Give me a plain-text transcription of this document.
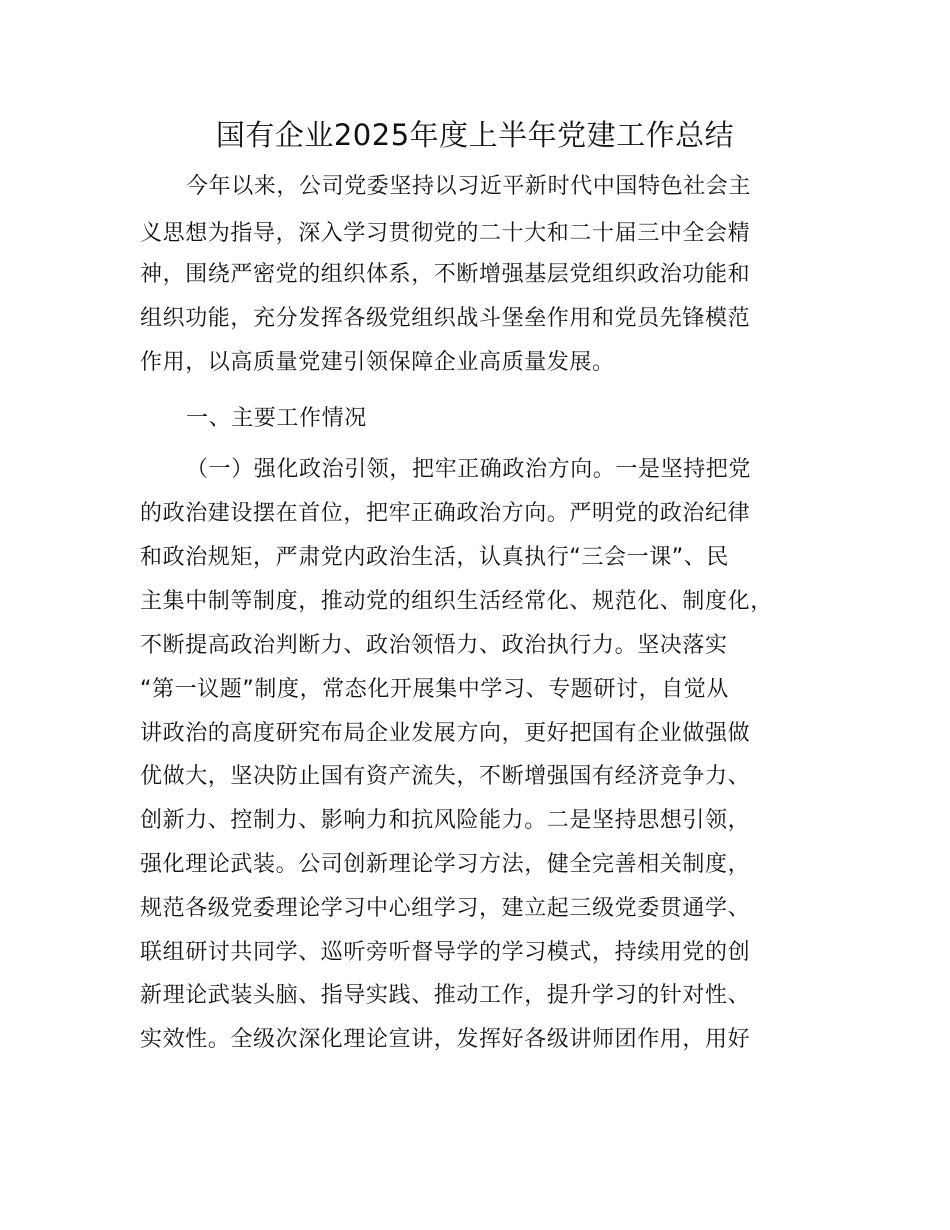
国有企业2025年度上半年党建工作总结

今年以来，公司党委坚持以习近平新时代中国特色社会主

义思想为指导，深入学习贯彻党的二十大和二十届三中全会精

神，围绕严密党的组织体系，不断增强基层党组织政治功能和

组织功能，充分发挥各级党组织战斗堡垒作用和党员先锋模范

作用，以高质量党建引领保障企业高质量发展。

一、主要工作情况

（一）强化政治引领，把牢正确政治方向。一是坚持把党

的政治建设摆在首位，把牢正确政治方向。严明党的政治纪律

和政治规矩，严肃党内政治生活，认真执行“三会一课”、民

主集中制等制度，推动党的组织生活经常化、规范化、制度化，

不断提高政治判断力、政治领悟力、政治执行力。坚决落实

“第一议题”制度，常态化开展集中学习、专题研讨，自觉从

讲政治的高度研究布局企业发展方向，更好把国有企业做强做

优做大，坚决防止国有资产流失，不断增强国有经济竞争力、

创新力、控制力、影响力和抗风险能力。二是坚持思想引领，

强化理论武装。公司创新理论学习方法，健全完善相关制度，

规范各级党委理论学习中心组学习，建立起三级党委贯通学、

联组研讨共同学、巡听旁听督导学的学习模式，持续用党的创

新理论武装头脑、指导实践、推动工作，提升学习的针对性、

实效性。全级次深化理论宣讲，发挥好各级讲师团作用，用好
